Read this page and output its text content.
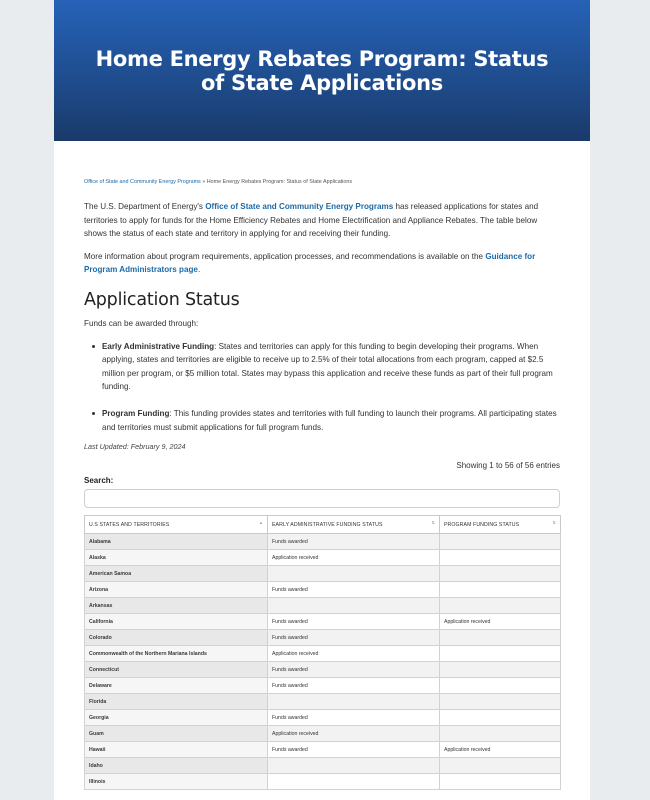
Home Energy Rebates Program: Status of State Applications
Office of State and Community Energy Programs » Home Energy Rebates Program: Status of State Applications

The U.S. Department of Energy's Office of State and Community Energy Programs has released applications for states and territories to apply for funds for the Home Efficiency Rebates and Home Electrification and Appliance Rebates. The table below shows the status of each state and territory in applying for and receiving their funding.

More information about program requirements, application processes, and recommendations is available on the Guidance for Program Administrators page.

Application Status

Funds can be awarded through:

Early Administrative Funding: States and territories can apply for this funding to begin developing their programs. When applying, states and territories are eligible to receive up to 2.5% of their total allocations from each program, capped at $2.5 million per program, or $5 million total. States may bypass this application and receive these funds as part of their full program funding.
Program Funding: This funding provides states and territories with full funding to launch their programs. All participating states and territories must submit applications for full program funds.

Last Updated: February 9, 2024

Showing 1 to 56 of 56 entries
Search:
U.S STATES AND TERRITORIES ▲	EARLY ADMINISTRATIVE FUNDING STATUS ⇅	PROGRAM FUNDING STATUS ⇅

Alabama	Funds awarded	
Alaska	Application received	
American Samoa		
Arizona	Funds awarded	
Arkansas		
California	Funds awarded	Application received
Colorado	Funds awarded	
Commonwealth of the Northern Mariana Islands	Application received	
Connecticut	Funds awarded	
Delaware	Funds awarded	
Florida		
Georgia	Funds awarded	
Guam	Application received	
Hawaii	Funds awarded	Application received
Idaho		
Illinois		
